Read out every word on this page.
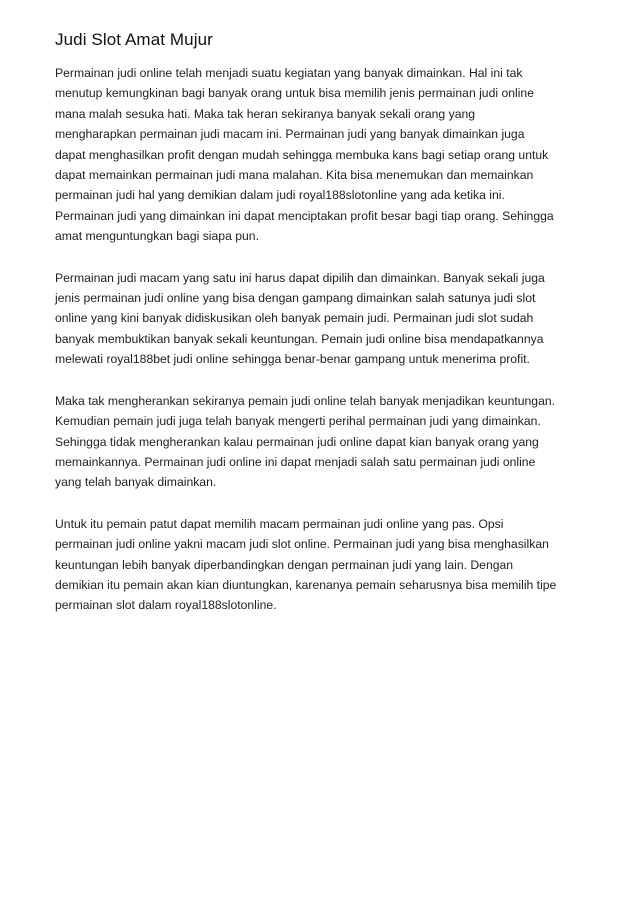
Judi Slot Amat Mujur

Permainan judi online telah menjadi suatu kegiatan yang banyak dimainkan. Hal ini tak
menutup kemungkinan bagi banyak orang untuk bisa memilih jenis permainan judi online
mana malah sesuka hati. Maka tak heran sekiranya banyak sekali orang yang
mengharapkan permainan judi macam ini. Permainan judi yang banyak dimainkan juga
dapat menghasilkan profit dengan mudah sehingga membuka kans bagi setiap orang untuk
dapat memainkan permainan judi mana malahan. Kita bisa menemukan dan memainkan
permainan judi hal yang demikian dalam judi royal188slotonline yang ada ketika ini.
Permainan judi yang dimainkan ini dapat menciptakan profit besar bagi tiap orang. Sehingga
amat menguntungkan bagi siapa pun.

Permainan judi macam yang satu ini harus dapat dipilih dan dimainkan. Banyak sekali juga
jenis permainan judi online yang bisa dengan gampang dimainkan salah satunya judi slot
online yang kini banyak didiskusikan oleh banyak pemain judi. Permainan judi slot sudah
banyak membuktikan banyak sekali keuntungan. Pemain judi online bisa mendapatkannya
melewati royal188bet judi online sehingga benar-benar gampang untuk menerima profit.

Maka tak mengherankan sekiranya pemain judi online telah banyak menjadikan keuntungan.
Kemudian pemain judi juga telah banyak mengerti perihal permainan judi yang dimainkan.
Sehingga tidak mengherankan kalau permainan judi online dapat kian banyak orang yang
memainkannya. Permainan judi online ini dapat menjadi salah satu permainan judi online
yang telah banyak dimainkan.

Untuk itu pemain patut dapat memilih macam permainan judi online yang pas. Opsi
permainan judi online yakni macam judi slot online. Permainan judi yang bisa menghasilkan
keuntungan lebih banyak diperbandingkan dengan permainan judi yang lain. Dengan
demikian itu pemain akan kian diuntungkan, karenanya pemain seharusnya bisa memilih tipe
permainan slot dalam royal188slotonline.
